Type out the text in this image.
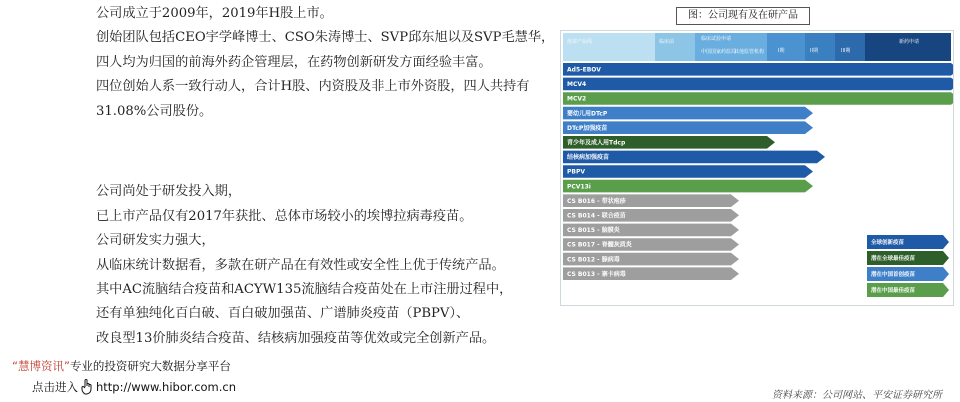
公司成立于2009年，2019年H股上市。

创始团队包括CEO宇学峰博士、CSO朱涛博士、SVP邱东旭以及SVP毛慧华，

四人均为归国的前海外药企管理层，在药物创新研发方面经验丰富。

四位创始人系一致行动人，合计H股、内资股及非上市外资股，四人共持有

31.08%公司股份。

公司尚处于研发投入期，

已上市产品仅有2017年获批、总体市场较小的埃博拉病毒疫苗。

公司研发实力强大，

从临床统计数据看，多款在研产品在有效性或安全性上优于传统产品。

其中AC流脑结合疫苗和ACYW135流脑结合疫苗处在上市注册过程中，

还有单独纯化百白破、百白破加强苗、广谱肺炎疫苗（PBPV）、

改良型13价肺炎结合疫苗、结核病加强疫苗等优效或完全创新产品。

图：公司现有及在研产品
疫苗产品线	临床前	临床试验申请
I期	II期	III期
新药申请
中国国家药监局
其他监管机构
Ad5-EBOV
MCV4
MCV2
婴幼儿用DTcP
DTcP加强疫苗
青少年及成人用Tdcp
结核病加强疫苗
PBPV
PCV13i
CS B016 - 带状疱疹
CS B014 - 联合疫苗
CS B015 - 脑膜炎
CS B017 - 脊髓灰质炎
CS B012 - 腺病毒
CS B013 - 寨卡病毒
全球创新疫苗
潜在全球最佳疫苗
潜在中国首创疫苗
潜在中国最佳疫苗
“慧博资讯”专业的投资研究大数据分享平台
点击进入 http://www.hibor.com.cn
资料来源：公司网站、平安证券研究所
